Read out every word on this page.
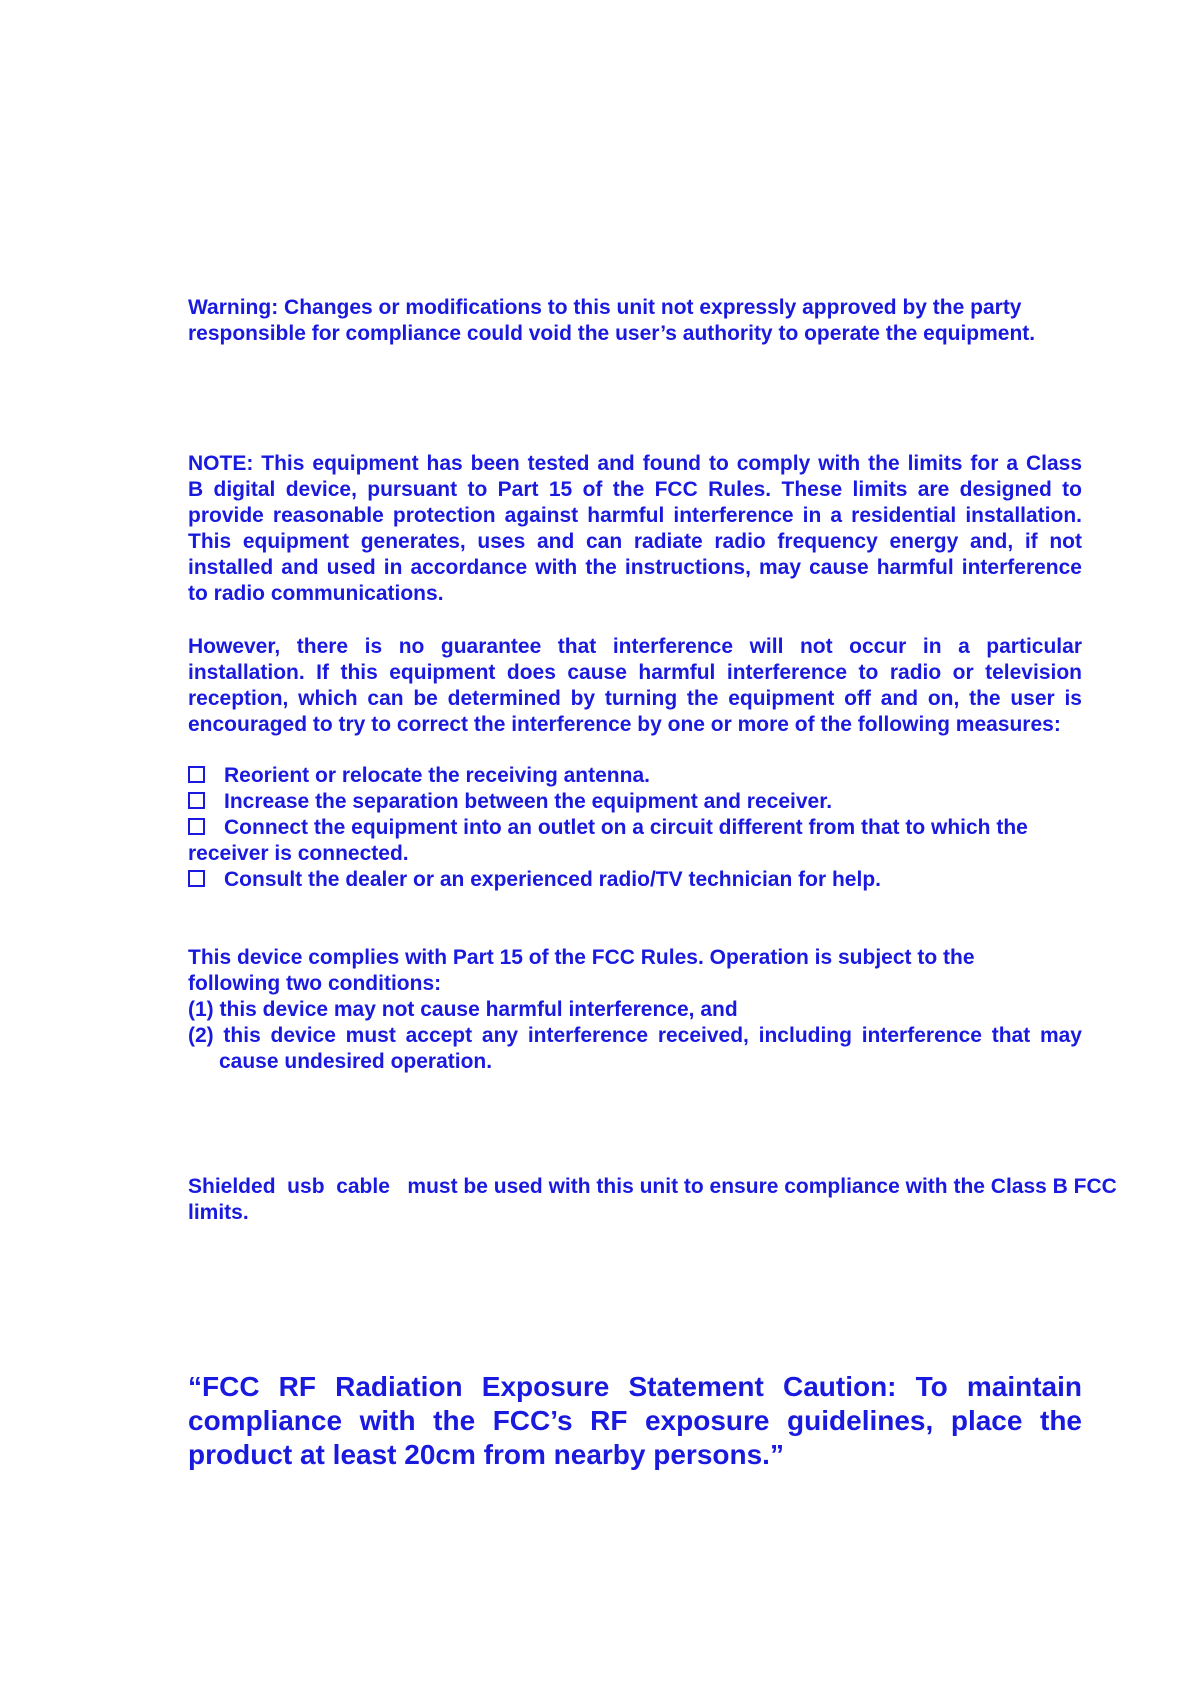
Warning: Changes or modifications to this unit not expressly approved by the party
responsible for compliance could void the user’s authority to operate the equipment.
NOTE: This equipment has been tested and found to comply with the limits for a Class
B digital device, pursuant to Part 15 of the FCC Rules. These limits are designed to
provide reasonable protection against harmful interference in a residential installation.
This equipment generates, uses and can radiate radio frequency energy and, if not
installed and used in accordance with the instructions, may cause harmful interference
to radio communications.
However, there is no guarantee that interference will not occur in a particular
installation. If this equipment does cause harmful interference to radio or television
reception, which can be determined by turning the equipment off and on, the user is
encouraged to try to correct the interference by one or more of the following measures:
Reorient or relocate the receiving antenna.
Increase the separation between the equipment and receiver.
Connect the equipment into an outlet on a circuit different from that to which the
receiver is connected.
Consult the dealer or an experienced radio/TV technician for help.
This device complies with Part 15 of the FCC Rules. Operation is subject to the
following two conditions:
(1) this device may not cause harmful interference, and
(2) this device must accept any interference received, including interference that may
cause undesired operation.
Shielded  usb  cable   must be used with this unit to ensure compliance with the Class B FCC
limits.
“FCC RF Radiation Exposure Statement Caution: To maintain
compliance with the FCC’s RF exposure guidelines, place the
product at least 20cm from nearby persons.”
